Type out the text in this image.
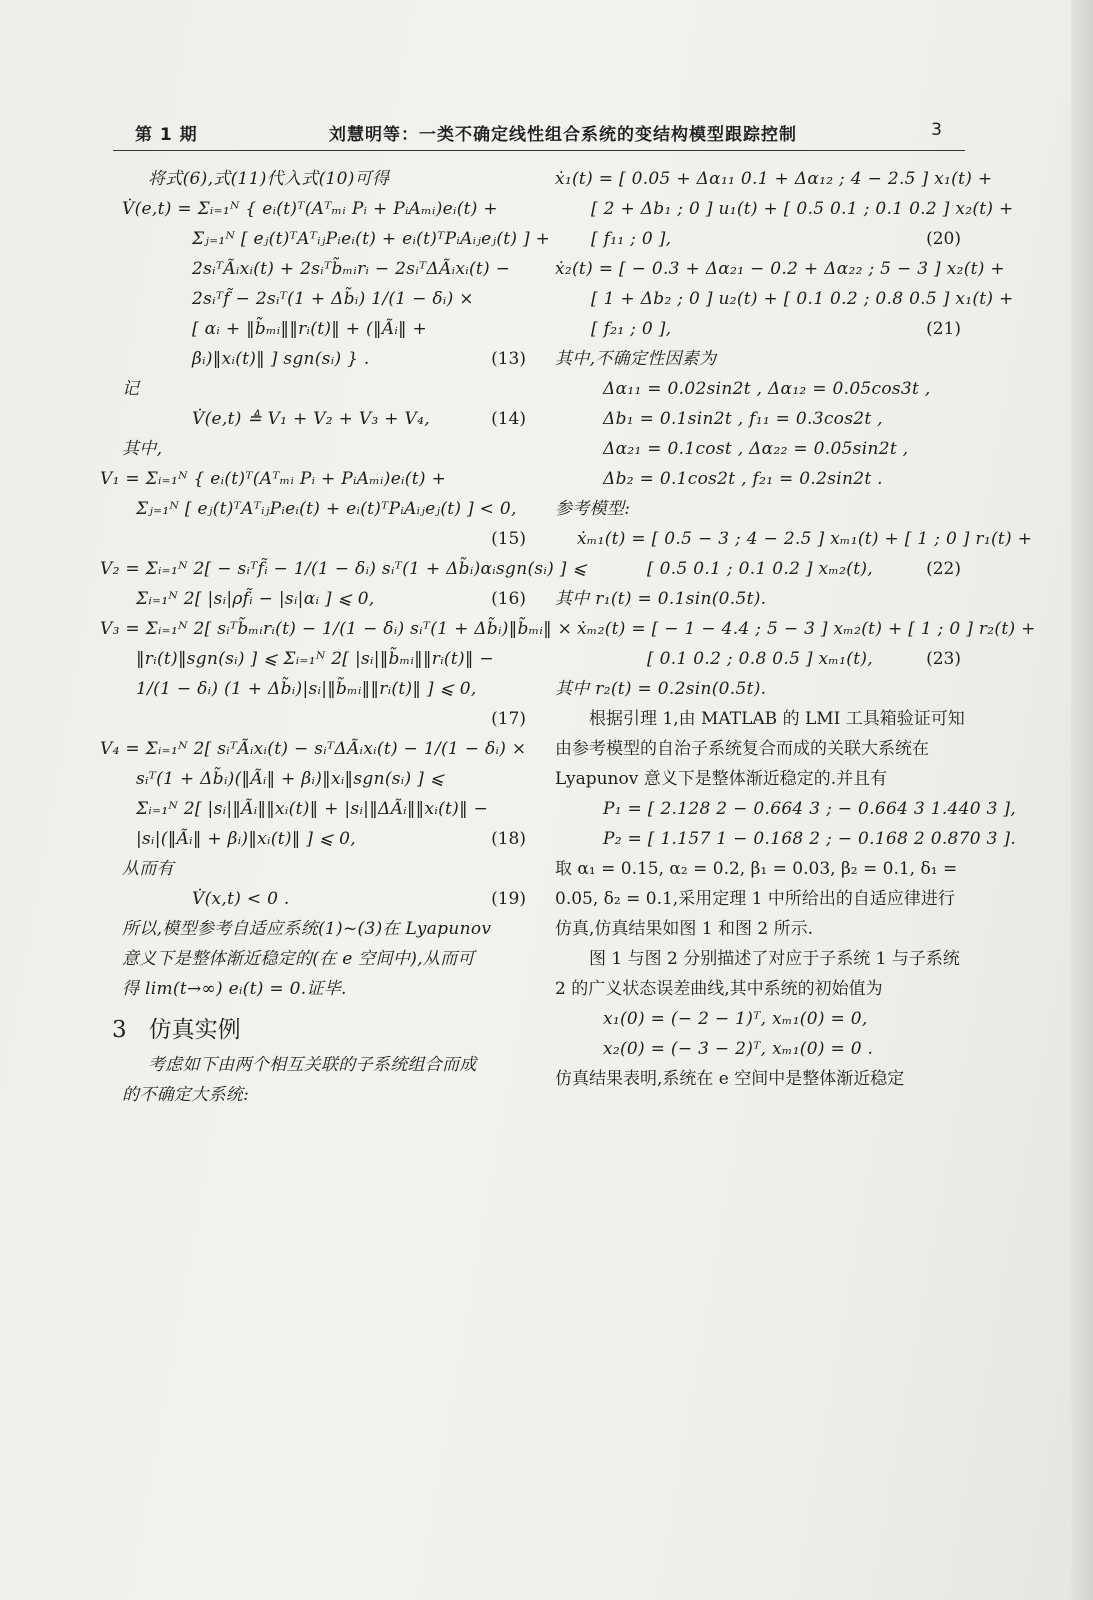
第 1 期	刘慧明等：一类不确定线性组合系统的变结构模型跟踪控制	3
将式(6),式(11)代入式(10)可得
V̇(e,t) = Σᵢ₌₁ᴺ { eᵢ(t)ᵀ(Aᵀₘᵢ Pᵢ + PᵢAₘᵢ)eᵢ(t) +
Σⱼ₌₁ᴺ [ eⱼ(t)ᵀAᵀᵢⱼPᵢeᵢ(t) + eᵢ(t)ᵀPᵢAᵢⱼeⱼ(t) ] +
2sᵢᵀÃᵢxᵢ(t) + 2sᵢᵀb̃ₘᵢrᵢ − 2sᵢᵀΔÃᵢxᵢ(t) −
2sᵢᵀf̃ − 2sᵢᵀ(1 + Δb̃ᵢ) 1/(1 − δᵢ) ×
[ αᵢ + ‖b̃ₘᵢ‖‖rᵢ(t)‖ + (‖Ãᵢ‖ +
βᵢ)‖xᵢ(t)‖ ] sgn(sᵢ) } .	(13)
记
V̇(e,t) ≜ V₁ + V₂ + V₃ + V₄,	(14)
其中,
V₁ = Σᵢ₌₁ᴺ { eᵢ(t)ᵀ(Aᵀₘᵢ Pᵢ + PᵢAₘᵢ)eᵢ(t) +
Σⱼ₌₁ᴺ [ eⱼ(t)ᵀAᵀᵢⱼPᵢeᵢ(t) + eᵢ(t)ᵀPᵢAᵢⱼeⱼ(t) ] < 0,
(15)
V₂ = Σᵢ₌₁ᴺ 2[ − sᵢᵀf̃ᵢ − 1/(1 − δᵢ) sᵢᵀ(1 + Δb̃ᵢ)αᵢsgn(sᵢ) ] ⩽
Σᵢ₌₁ᴺ 2[ |sᵢ|ρf̃ᵢ − |sᵢ|αᵢ ] ⩽ 0,	(16)
V₃ = Σᵢ₌₁ᴺ 2[ sᵢᵀb̃ₘᵢrᵢ(t) − 1/(1 − δᵢ) sᵢᵀ(1 + Δb̃ᵢ)‖b̃ₘᵢ‖ ×
‖rᵢ(t)‖sgn(sᵢ) ] ⩽ Σᵢ₌₁ᴺ 2[ |sᵢ|‖b̃ₘᵢ‖‖rᵢ(t)‖ −
1/(1 − δᵢ) (1 + Δb̃ᵢ)|sᵢ|‖b̃ₘᵢ‖‖rᵢ(t)‖ ] ⩽ 0,
(17)
V₄ = Σᵢ₌₁ᴺ 2[ sᵢᵀÃᵢxᵢ(t) − sᵢᵀΔÃᵢxᵢ(t) − 1/(1 − δᵢ) ×
sᵢᵀ(1 + Δb̃ᵢ)(‖Ãᵢ‖ + βᵢ)‖xᵢ‖sgn(sᵢ) ] ⩽
Σᵢ₌₁ᴺ 2[ |sᵢ|‖Ãᵢ‖‖xᵢ(t)‖ + |sᵢ|‖ΔÃᵢ‖‖xᵢ(t)‖ −
|sᵢ|(‖Ãᵢ‖ + βᵢ)‖xᵢ(t)‖ ] ⩽ 0,	(18)
从而有
V̇(x,t) < 0 .	(19)
所以,模型参考自适应系统(1)~(3)在 Lyapunov
意义下是整体渐近稳定的(在 e 空间中),从而可
得 lim(t→∞) eᵢ(t) = 0.证毕.
3 仿真实例
考虑如下由两个相互关联的子系统组合而成
的不确定大系统:
ẋ₁(t) = [ 0.05 + Δα₁₁ 0.1 + Δα₁₂ ; 4 − 2.5 ] x₁(t) +
[ 2 + Δb₁ ; 0 ] u₁(t) + [ 0.5 0.1 ; 0.1 0.2 ] x₂(t) +
[ f₁₁ ; 0 ],	(20)
ẋ₂(t) = [ − 0.3 + Δα₂₁ − 0.2 + Δα₂₂ ; 5 − 3 ] x₂(t) +
[ 1 + Δb₂ ; 0 ] u₂(t) + [ 0.1 0.2 ; 0.8 0.5 ] x₁(t) +
[ f₂₁ ; 0 ],	(21)
其中,不确定性因素为
Δα₁₁ = 0.02sin2t , Δα₁₂ = 0.05cos3t ,
Δb₁ = 0.1sin2t , f₁₁ = 0.3cos2t ,
Δα₂₁ = 0.1cost , Δα₂₂ = 0.05sin2t ,
Δb₂ = 0.1cos2t , f₂₁ = 0.2sin2t .
参考模型:
ẋₘ₁(t) = [ 0.5 − 3 ; 4 − 2.5 ] xₘ₁(t) + [ 1 ; 0 ] r₁(t) +
[ 0.5 0.1 ; 0.1 0.2 ] xₘ₂(t),	(22)
其中 r₁(t) = 0.1sin(0.5t).
ẋₘ₂(t) = [ − 1 − 4.4 ; 5 − 3 ] xₘ₂(t) + [ 1 ; 0 ] r₂(t) +
[ 0.1 0.2 ; 0.8 0.5 ] xₘ₁(t),	(23)
其中 r₂(t) = 0.2sin(0.5t).
根据引理 1,由 MATLAB 的 LMI 工具箱验证可知由参考模型的自治子系统复合而成的关联大系统在 Lyapunov 意义下是整体渐近稳定的.并且有
P₁ = [ 2.128 2 − 0.664 3 ; − 0.664 3 1.440 3 ],
P₂ = [ 1.157 1 − 0.168 2 ; − 0.168 2 0.870 3 ].
取 α₁ = 0.15, α₂ = 0.2, β₁ = 0.03, β₂ = 0.1, δ₁ = 0.05, δ₂ = 0.1,采用定理 1 中所给出的自适应律进行仿真,仿真结果如图 1 和图 2 所示.
图 1 与图 2 分别描述了对应于子系统 1 与子系统 2 的广义状态误差曲线,其中系统的初始值为
x₁(0) = (− 2 − 1)ᵀ, xₘ₁(0) = 0,
x₂(0) = (− 3 − 2)ᵀ, xₘ₁(0) = 0 .
仿真结果表明,系统在 e 空间中是整体渐近稳定
